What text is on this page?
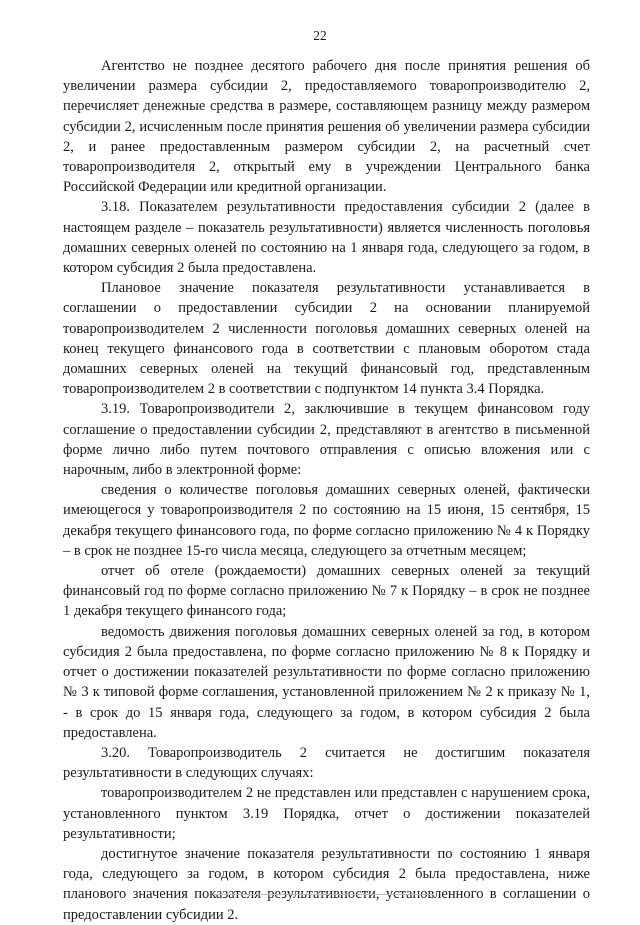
22

Агентство не позднее десятого рабочего дня после принятия решения об увеличении размера субсидии 2, предоставляемого товаропроизводителю 2, перечисляет денежные средства в размере, составляющем разницу между размером субсидии 2, исчисленным после принятия решения об увеличении размера субсидии 2, и ранее предоставленным размером субсидии 2, на расчетный счет товаропроизводителя 2, открытый ему в учреждении Центрального банка Российской Федерации или кредитной организации.

3.18. Показателем результативности предоставления субсидии 2 (далее в настоящем разделе – показатель результативности) является численность поголовья домашних северных оленей по состоянию на 1 января года, следующего за годом, в котором субсидия 2 была предоставлена.

Плановое значение показателя результативности устанавливается в соглашении о предоставлении субсидии 2 на основании планируемой товаропроизводителем 2 численности поголовья домашних северных оленей на конец текущего финансового года в соответствии с плановым оборотом стада домашних северных оленей на текущий финансовый год, представленным товаропроизводителем 2 в соответствии с подпунктом 14 пункта 3.4 Порядка.

3.19. Товаропроизводители 2, заключившие в текущем финансовом году соглашение о предоставлении субсидии 2, представляют в агентство в письменной форме лично либо путем почтового отправления с описью вложения или с нарочным, либо в электронной форме:

сведения о количестве поголовья домашних северных оленей, фактически имеющегося у товаропроизводителя 2 по состоянию на 15 июня, 15 сентября, 15 декабря текущего финансового года, по форме согласно приложению № 4 к Порядку – в срок не позднее 15-го числа месяца, следующего за отчетным месяцем;

отчет об отеле (рождаемости) домашних северных оленей за текущий финансовый год по форме согласно приложению № 7 к Порядку – в срок не позднее 1 декабря текущего финансого года;

ведомость движения поголовья домашних северных оленей за год, в котором субсидия 2 была предоставлена, по форме согласно приложению № 8 к Порядку и отчет о достижении показателей результативности по форме согласно приложению № 3 к типовой форме соглашения, установленной приложением № 2 к приказу № 1, - в срок до 15 января года, следующего за годом, в котором субсидия 2 была предоставлена.

3.20. Товаропроизводитель 2 считается не достигшим показателя результативности в следующих случаях:

товаропроизводителем 2 не представлен или представлен с нарушением срока, установленного пунктом 3.19 Порядка, отчет о достижении показателей результативности;

достигнутое значение показателя результативности по состоянию 1 января года, следующего за годом, в котором субсидия 2 была предоставлена, ниже планового значения показателя результативности, установленного в соглашении о предоставлении субсидии 2.
